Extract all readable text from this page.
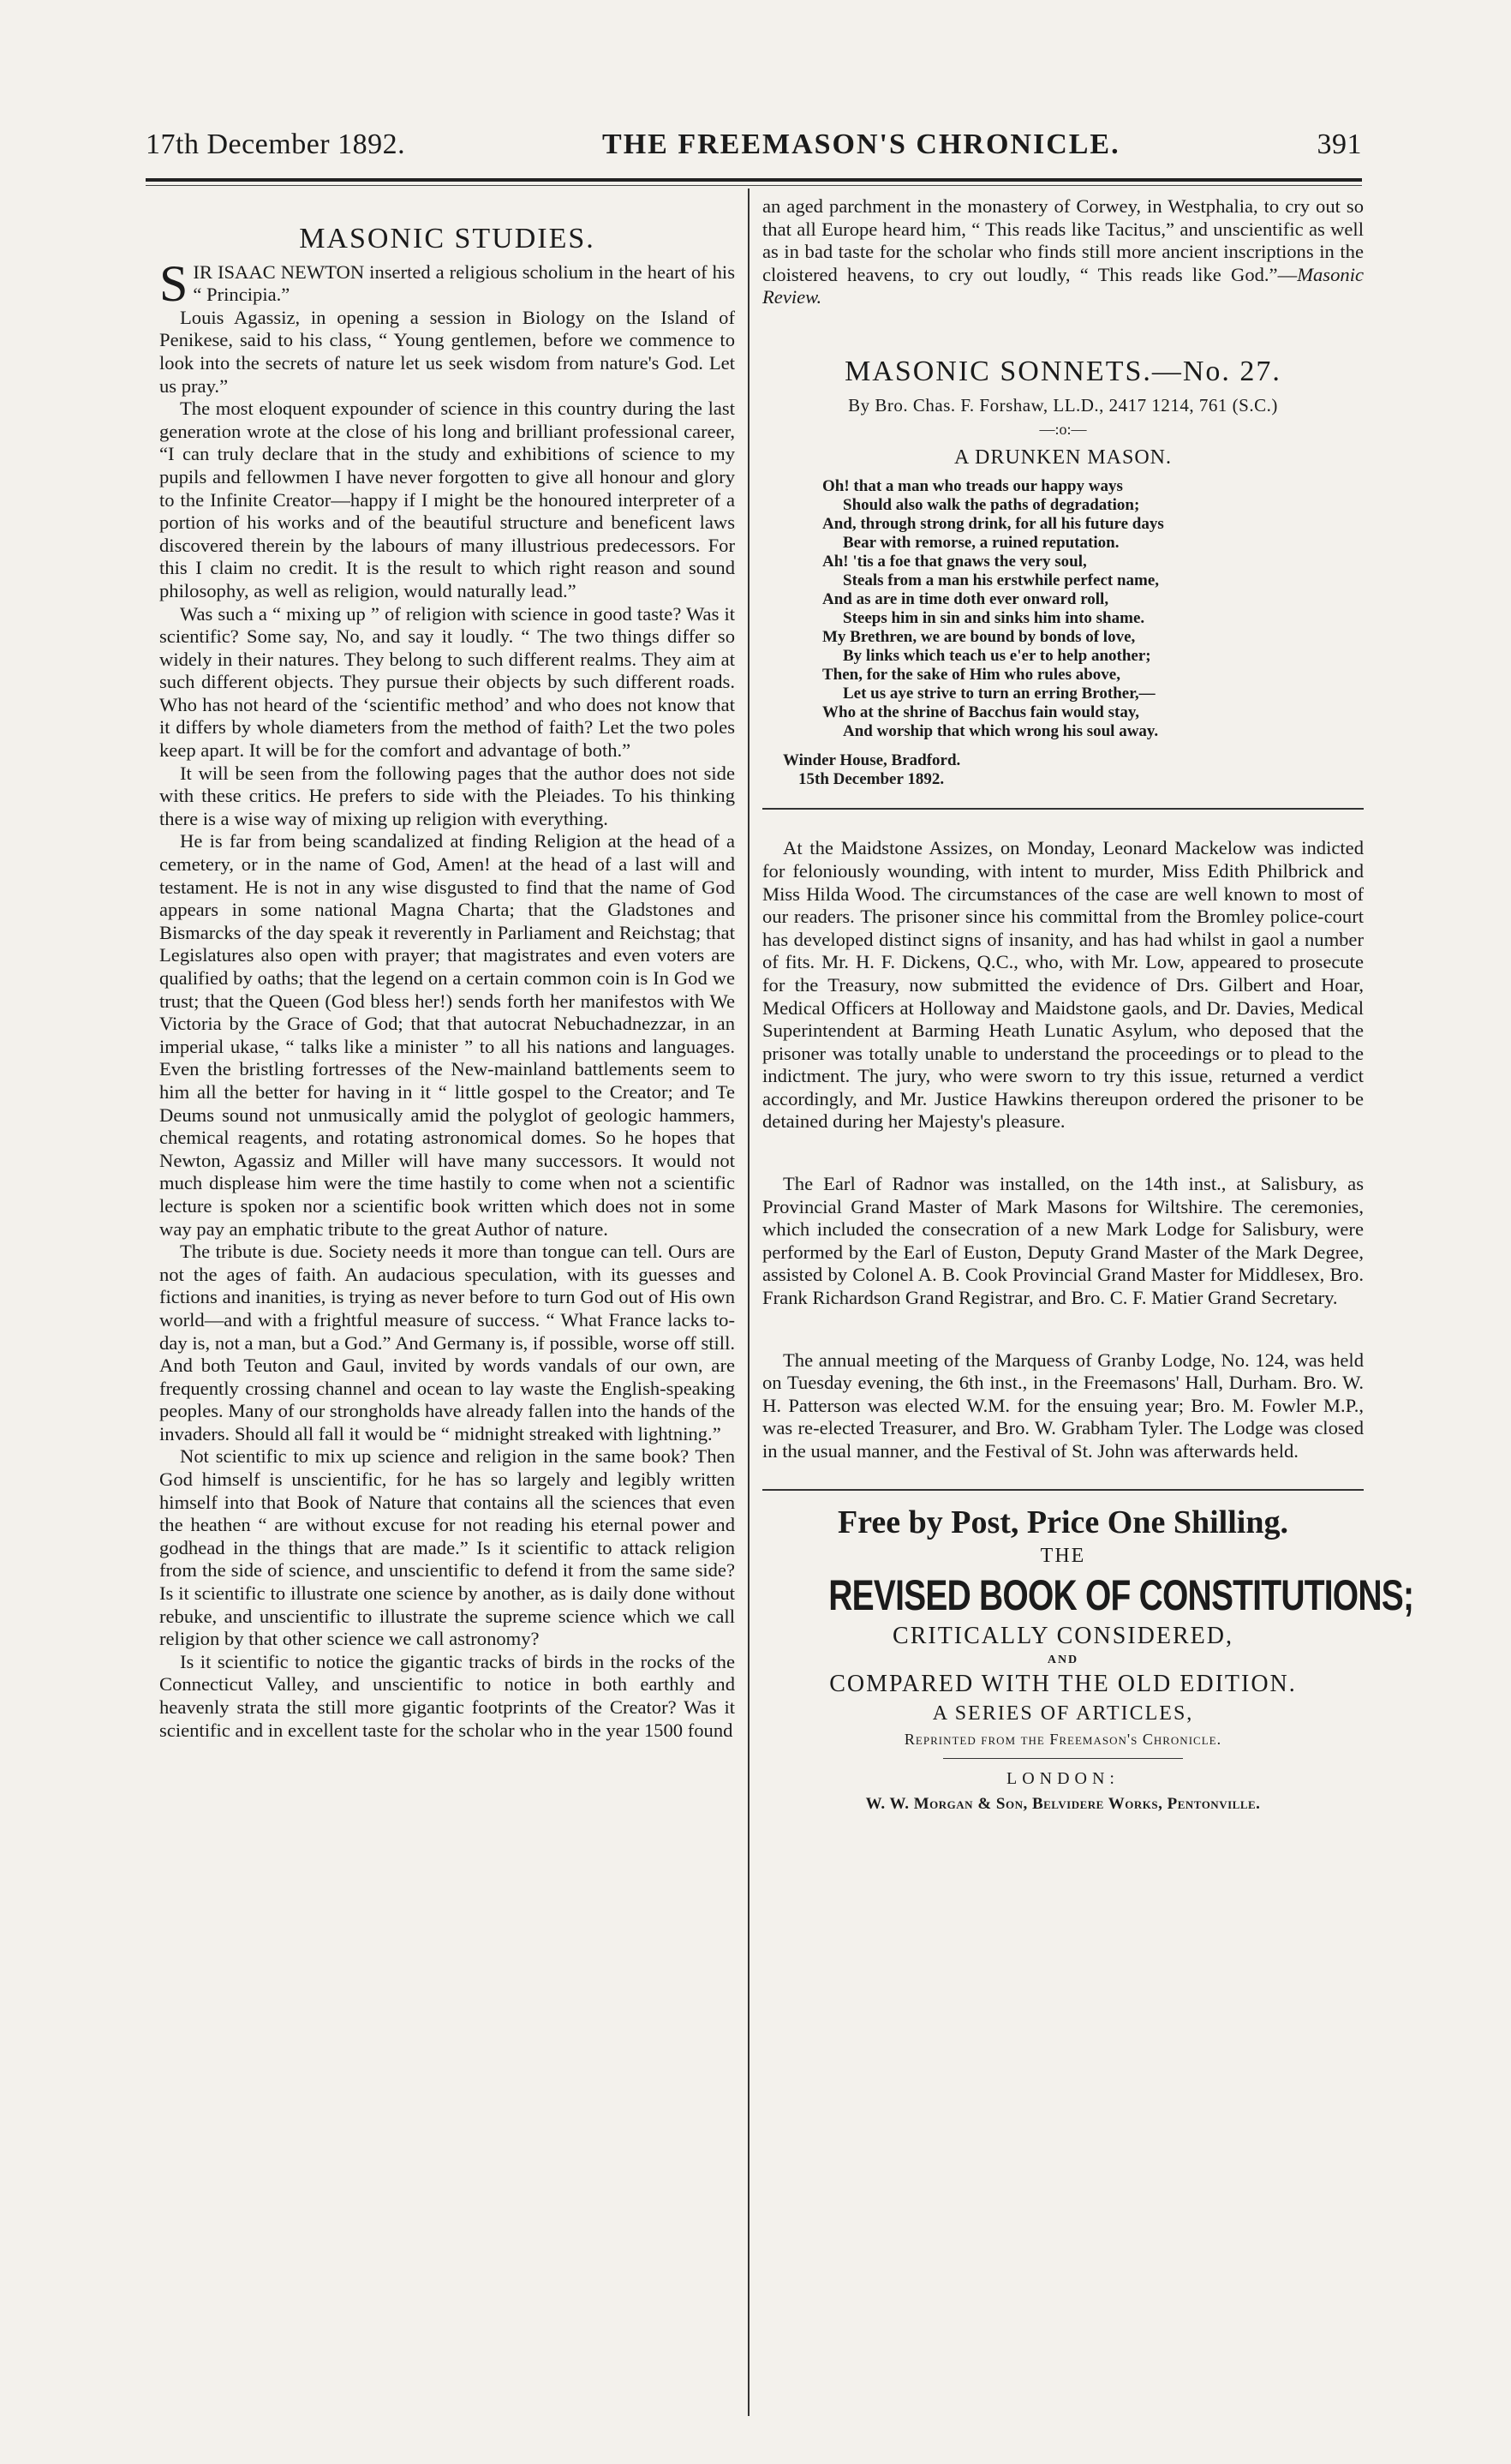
17th December 1892.	THE FREEMASON'S CHRONICLE.	391
MASONIC STUDIES.

SIR ISAAC NEWTON inserted a religious scholium in the heart of his “ Principia.”

Louis Agassiz, in opening a session in Biology on the Island of Penikese, said to his class, “ Young gentlemen, before we commence to look into the secrets of nature let us seek wisdom from nature's God. Let us pray.”

The most eloquent expounder of science in this country during the last generation wrote at the close of his long and brilliant professional career, “I can truly declare that in the study and exhibitions of science to my pupils and fellowmen I have never forgotten to give all honour and glory to the Infinite Creator—happy if I might be the honoured interpreter of a portion of his works and of the beautiful structure and beneficent laws discovered therein by the labours of many illustrious predecessors. For this I claim no credit. It is the result to which right reason and sound philosophy, as well as religion, would naturally lead.”

Was such a “ mixing up ” of religion with science in good taste? Was it scientific? Some say, No, and say it loudly. “ The two things differ so widely in their natures. They belong to such different realms. They aim at such different objects. They pursue their objects by such different roads. Who has not heard of the ‘scientific method’ and who does not know that it differs by whole diameters from the method of faith? Let the two poles keep apart. It will be for the comfort and advantage of both.”

It will be seen from the following pages that the author does not side with these critics. He prefers to side with the Pleiades. To his thinking there is a wise way of mixing up religion with everything.

He is far from being scandalized at finding Religion at the head of a cemetery, or in the name of God, Amen! at the head of a last will and testament. He is not in any wise disgusted to find that the name of God appears in some national Magna Charta; that the Gladstones and Bismarcks of the day speak it reverently in Parliament and Reichstag; that Legislatures also open with prayer; that magistrates and even voters are qualified by oaths; that the legend on a certain common coin is In God we trust; that the Queen (God bless her!) sends forth her manifestos with We Victoria by the Grace of God; that that autocrat Nebuchadnezzar, in an imperial ukase, “ talks like a minister ” to all his nations and languages. Even the bristling fortresses of the New-mainland battlements seem to him all the better for having in it “ little gospel to the Creator; and Te Deums sound not unmusically amid the polyglot of geologic hammers, chemical reagents, and rotating astronomical domes. So he hopes that Newton, Agassiz and Miller will have many successors. It would not much displease him were the time hastily to come when not a scientific lecture is spoken nor a scientific book written which does not in some way pay an emphatic tribute to the great Author of nature.

The tribute is due. Society needs it more than tongue can tell. Ours are not the ages of faith. An audacious speculation, with its guesses and fictions and inanities, is trying as never before to turn God out of His own world—and with a frightful measure of success. “ What France lacks to-day is, not a man, but a God.” And Germany is, if possible, worse off still. And both Teuton and Gaul, invited by words vandals of our own, are frequently crossing channel and ocean to lay waste the English-speaking peoples. Many of our strongholds have already fallen into the hands of the invaders. Should all fall it would be “ midnight streaked with lightning.”

Not scientific to mix up science and religion in the same book? Then God himself is unscientific, for he has so largely and legibly written himself into that Book of Nature that contains all the sciences that even the heathen “ are without excuse for not reading his eternal power and godhead in the things that are made.” Is it scientific to attack religion from the side of science, and unscientific to defend it from the same side? Is it scientific to illustrate one science by another, as is daily done without rebuke, and unscientific to illustrate the supreme science which we call religion by that other science we call astronomy?

Is it scientific to notice the gigantic tracks of birds in the rocks of the Connecticut Valley, and unscientific to notice in both earthly and heavenly strata the still more gigantic footprints of the Creator? Was it scientific and in excellent taste for the scholar who in the year 1500 found

an aged parchment in the monastery of Corwey, in Westphalia, to cry out so that all Europe heard him, “ This reads like Tacitus,” and unscientific as well as in bad taste for the scholar who finds still more ancient inscriptions in the cloistered heavens, to cry out loudly, “ This reads like God.”—Masonic Review.

MASONIC SONNETS.—No. 27.
By Bro. Chas. F. Forshaw, LL.D., 2417 1214, 761 (S.C.)
—:o:—
A DRUNKEN MASON.
Oh! that a man who treads our happy ways
Should also walk the paths of degradation;
And, through strong drink, for all his future days
Bear with remorse, a ruined reputation.
Ah! 'tis a foe that gnaws the very soul,
Steals from a man his erstwhile perfect name,
And as are in time doth ever onward roll,
Steeps him in sin and sinks him into shame.
My Brethren, we are bound by bonds of love,
By links which teach us e'er to help another;
Then, for the sake of Him who rules above,
Let us aye strive to turn an erring Brother,—
Who at the shrine of Bacchus fain would stay,
And worship that which wrong his soul away.
Winder House, Bradford.
15th December 1892.

At the Maidstone Assizes, on Monday, Leonard Mackelow was indicted for feloniously wounding, with intent to murder, Miss Edith Philbrick and Miss Hilda Wood. The circumstances of the case are well known to most of our readers. The prisoner since his committal from the Bromley police-court has developed distinct signs of insanity, and has had whilst in gaol a number of fits. Mr. H. F. Dickens, Q.C., who, with Mr. Low, appeared to prosecute for the Treasury, now submitted the evidence of Drs. Gilbert and Hoar, Medical Officers at Holloway and Maidstone gaols, and Dr. Davies, Medical Superintendent at Barming Heath Lunatic Asylum, who deposed that the prisoner was totally unable to understand the proceedings or to plead to the indictment. The jury, who were sworn to try this issue, returned a verdict accordingly, and Mr. Justice Hawkins thereupon ordered the prisoner to be detained during her Majesty's pleasure.

The Earl of Radnor was installed, on the 14th inst., at Salisbury, as Provincial Grand Master of Mark Masons for Wiltshire. The ceremonies, which included the consecration of a new Mark Lodge for Salisbury, were performed by the Earl of Euston, Deputy Grand Master of the Mark Degree, assisted by Colonel A. B. Cook Provincial Grand Master for Middlesex, Bro. Frank Richardson Grand Registrar, and Bro. C. F. Matier Grand Secretary.

The annual meeting of the Marquess of Granby Lodge, No. 124, was held on Tuesday evening, the 6th inst., in the Freemasons' Hall, Durham. Bro. W. H. Patterson was elected W.M. for the ensuing year; Bro. M. Fowler M.P., was re-elected Treasurer, and Bro. W. Grabham Tyler. The Lodge was closed in the usual manner, and the Festival of St. John was afterwards held.

Free by Post, Price One Shilling.
THE
REVISED BOOK OF CONSTITUTIONS;
CRITICALLY CONSIDERED,
AND
COMPARED WITH THE OLD EDITION.
A SERIES OF ARTICLES,
Reprinted from the Freemason's Chronicle.
LONDON:
W. W. Morgan & Son, Belvidere Works, Pentonville.
